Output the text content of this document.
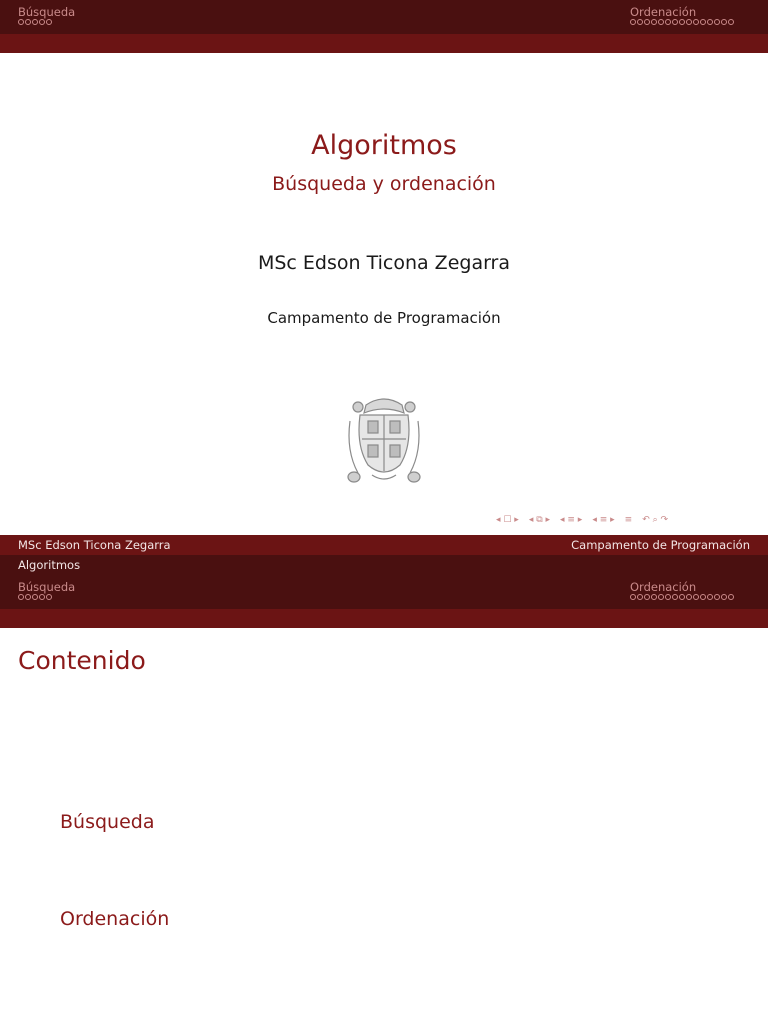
Búsqueda	Ordenación
Algoritmos
Búsqueda y ordenación
MSc Edson Ticona Zegarra
Campamento de Programación
◂ ☐ ▸ ◂ ⧉ ▸ ◂ ≡ ▸ ◂ ≡ ▸ ≡ ↶ ⌕ ↷
MSc Edson Ticona Zegarra	Campamento de Programación
Algoritmos
Búsqueda	Ordenación
Contenido
Búsqueda
Ordenación
